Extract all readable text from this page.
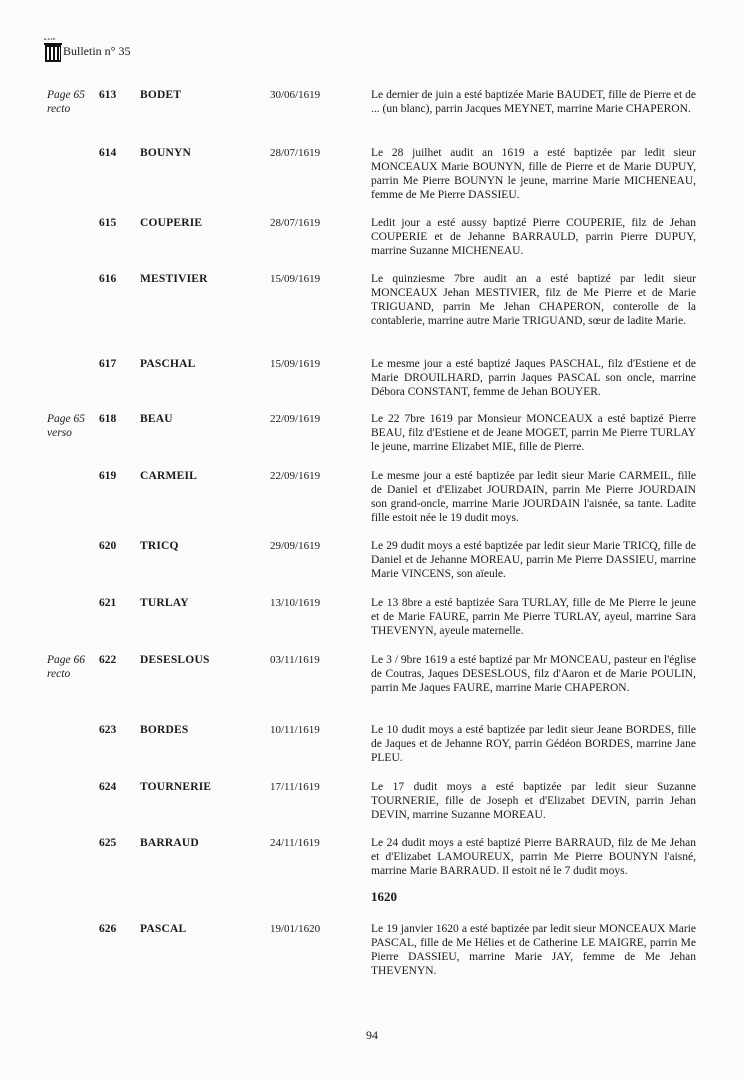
G.A.I.P.
Bulletin n° 35
Page 65
recto
613 BODET	30/06/1619	Le dernier de juin a esté baptizée Marie BAUDET, fille de Pierre et de ... (un blanc), parrin Jacques MEYNET, marrine Marie CHAPERON.
614 BOUNYN	28/07/1619	Le 28 juilhet audit an 1619 a esté baptizée par ledit sieur MONCEAUX Marie BOUNYN, fille de Pierre et de Marie DUPUY, parrin Me Pierre BOUNYN le jeune, marrine Marie MICHENEAU, femme de Me Pierre DASSIEU.
615 COUPERIE	28/07/1619	Ledit jour a esté aussy baptizé Pierre COUPERIE, filz de Jehan COUPERIE et de Jehanne BARRAULD, parrin Pierre DUPUY, marrine Suzanne MICHENEAU.
616 MESTIVIER	15/09/1619	Le quinziesme 7bre audit an a esté baptizé par ledit sieur MONCEAUX Jehan MESTIVIER, filz de Me Pierre et de Marie TRIGUAND, parrin Me Jehan CHAPERON, conterolle de la contablerie, marrine autre Marie TRIGUAND, sœur de ladite Marie.
617 PASCHAL	15/09/1619	Le mesme jour a esté baptizé Jaques PASCHAL, filz d'Estiene et de Marie DROUILHARD, parrin Jaques PASCAL son oncle, marrine Débora CONSTANT, femme de Jehan BOUYER.
Page 65
verso
618 BEAU	22/09/1619	Le 22 7bre 1619 par Monsieur MONCEAUX a esté baptizé Pierre BEAU, filz d'Estiene et de Jeane MOGET, parrin Me Pierre TURLAY le jeune, marrine Elizabet MIE, fille de Pierre.
619 CARMEIL	22/09/1619	Le mesme jour a esté baptizée par ledit sieur Marie CARMEIL, fille de Daniel et d'Elizabet JOURDAIN, parrin Me Pierre JOURDAIN son grand-oncle, marrine Marie JOURDAIN l'aisnée, sa tante. Ladite fille estoit née le 19 dudit moys.
620 TRICQ	29/09/1619	Le 29 dudit moys a esté baptizée par ledit sieur Marie TRICQ, fille de Daniel et de Jehanne MOREAU, parrin Me Pierre DASSIEU, marrine Marie VINCENS, son aïeule.
621 TURLAY	13/10/1619	Le 13 8bre a esté baptizée Sara TURLAY, fille de Me Pierre le jeune et de Marie FAURE, parrin Me Pierre TURLAY, ayeul, marrine Sara THEVENYN, ayeule maternelle.
Page 66
recto
622 DESESLOUS	03/11/1619	Le 3 / 9bre 1619 a esté baptizé par Mr MONCEAU, pasteur en l'église de Coutras, Jaques DESESLOUS, filz d'Aaron et de Marie POULIN, parrin Me Jaques FAURE, marrine Marie CHAPERON.
623 BORDES	10/11/1619	Le 10 dudit moys a esté baptizée par ledit sieur Jeane BORDES, fille de Jaques et de Jehanne ROY, parrin Gédéon BORDES, marrine Jane PLEU.
624 TOURNERIE	17/11/1619	Le 17 dudit moys a esté baptizée par ledit sieur Suzanne TOURNERIE, fille de Joseph et d'Elizabet DEVIN, parrin Jehan DEVIN, marrine Suzanne MOREAU.
625 BARRAUD	24/11/1619	Le 24 dudit moys a esté baptizé Pierre BARRAUD, filz de Me Jehan et d'Elizabet LAMOUREUX, parrin Me Pierre BOUNYN l'aisné, marrine Marie BARRAUD. Il estoit né le 7 dudit moys.
626 PASCAL	19/01/1620	Le 19 janvier 1620 a esté baptizée par ledit sieur MONCEAUX Marie PASCAL, fille de Me Hélies et de Catherine LE MAIGRE, parrin Me Pierre DASSIEU, marrine Marie JAY, femme de Me Jehan THEVENYN.
1620
94
